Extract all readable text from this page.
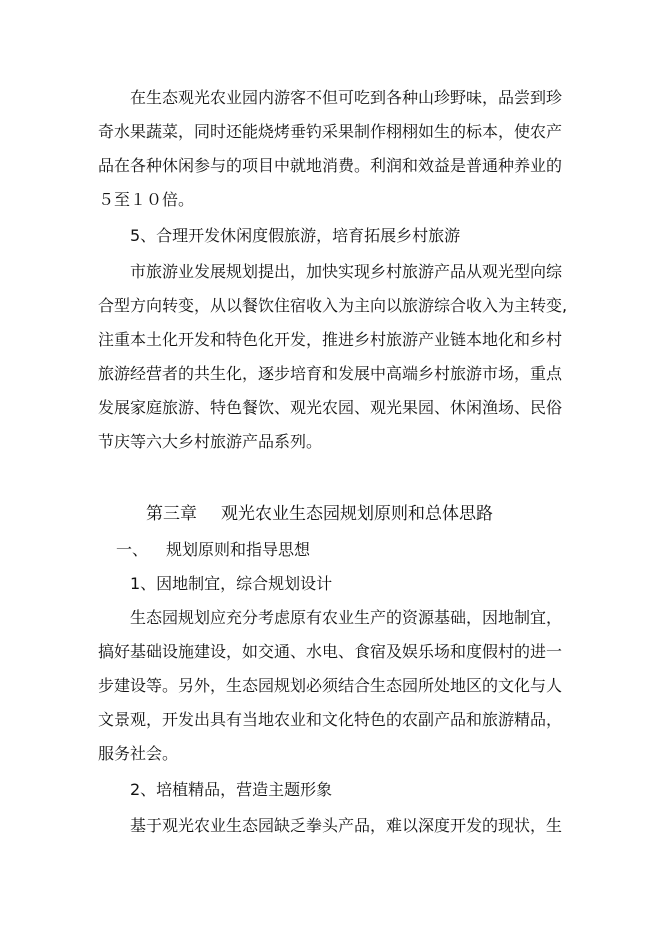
在生态观光农业园内游客不但可吃到各种山珍野味，品尝到珍
奇水果蔬菜，同时还能烧烤垂钓采果制作栩栩如生的标本，使农产
品在各种休闲参与的项目中就地消费。利润和效益是普通种养业的
５至１０倍。
5、合理开发休闲度假旅游，培育拓展乡村旅游
市旅游业发展规划提出，加快实现乡村旅游产品从观光型向综
合型方向转变，从以餐饮住宿收入为主向以旅游综合收入为主转变,
注重本土化开发和特色化开发，推进乡村旅游产业链本地化和乡村
旅游经营者的共生化，逐步培育和发展中高端乡村旅游市场，重点
发展家庭旅游、特色餐饮、观光农园、观光果园、休闲渔场、民俗
节庆等六大乡村旅游产品系列。
第三章 观光农业生态园规划原则和总体思路
一、 规划原则和指导思想
1、因地制宜，综合规划设计
生态园规划应充分考虑原有农业生产的资源基础，因地制宜，
搞好基础设施建设，如交通、水电、食宿及娱乐场和度假村的进一
步建设等。另外，生态园规划必须结合生态园所处地区的文化与人
文景观，开发出具有当地农业和文化特色的农副产品和旅游精品，
服务社会。
2、培植精品，营造主题形象
基于观光农业生态园缺乏拳头产品，难以深度开发的现状，生
